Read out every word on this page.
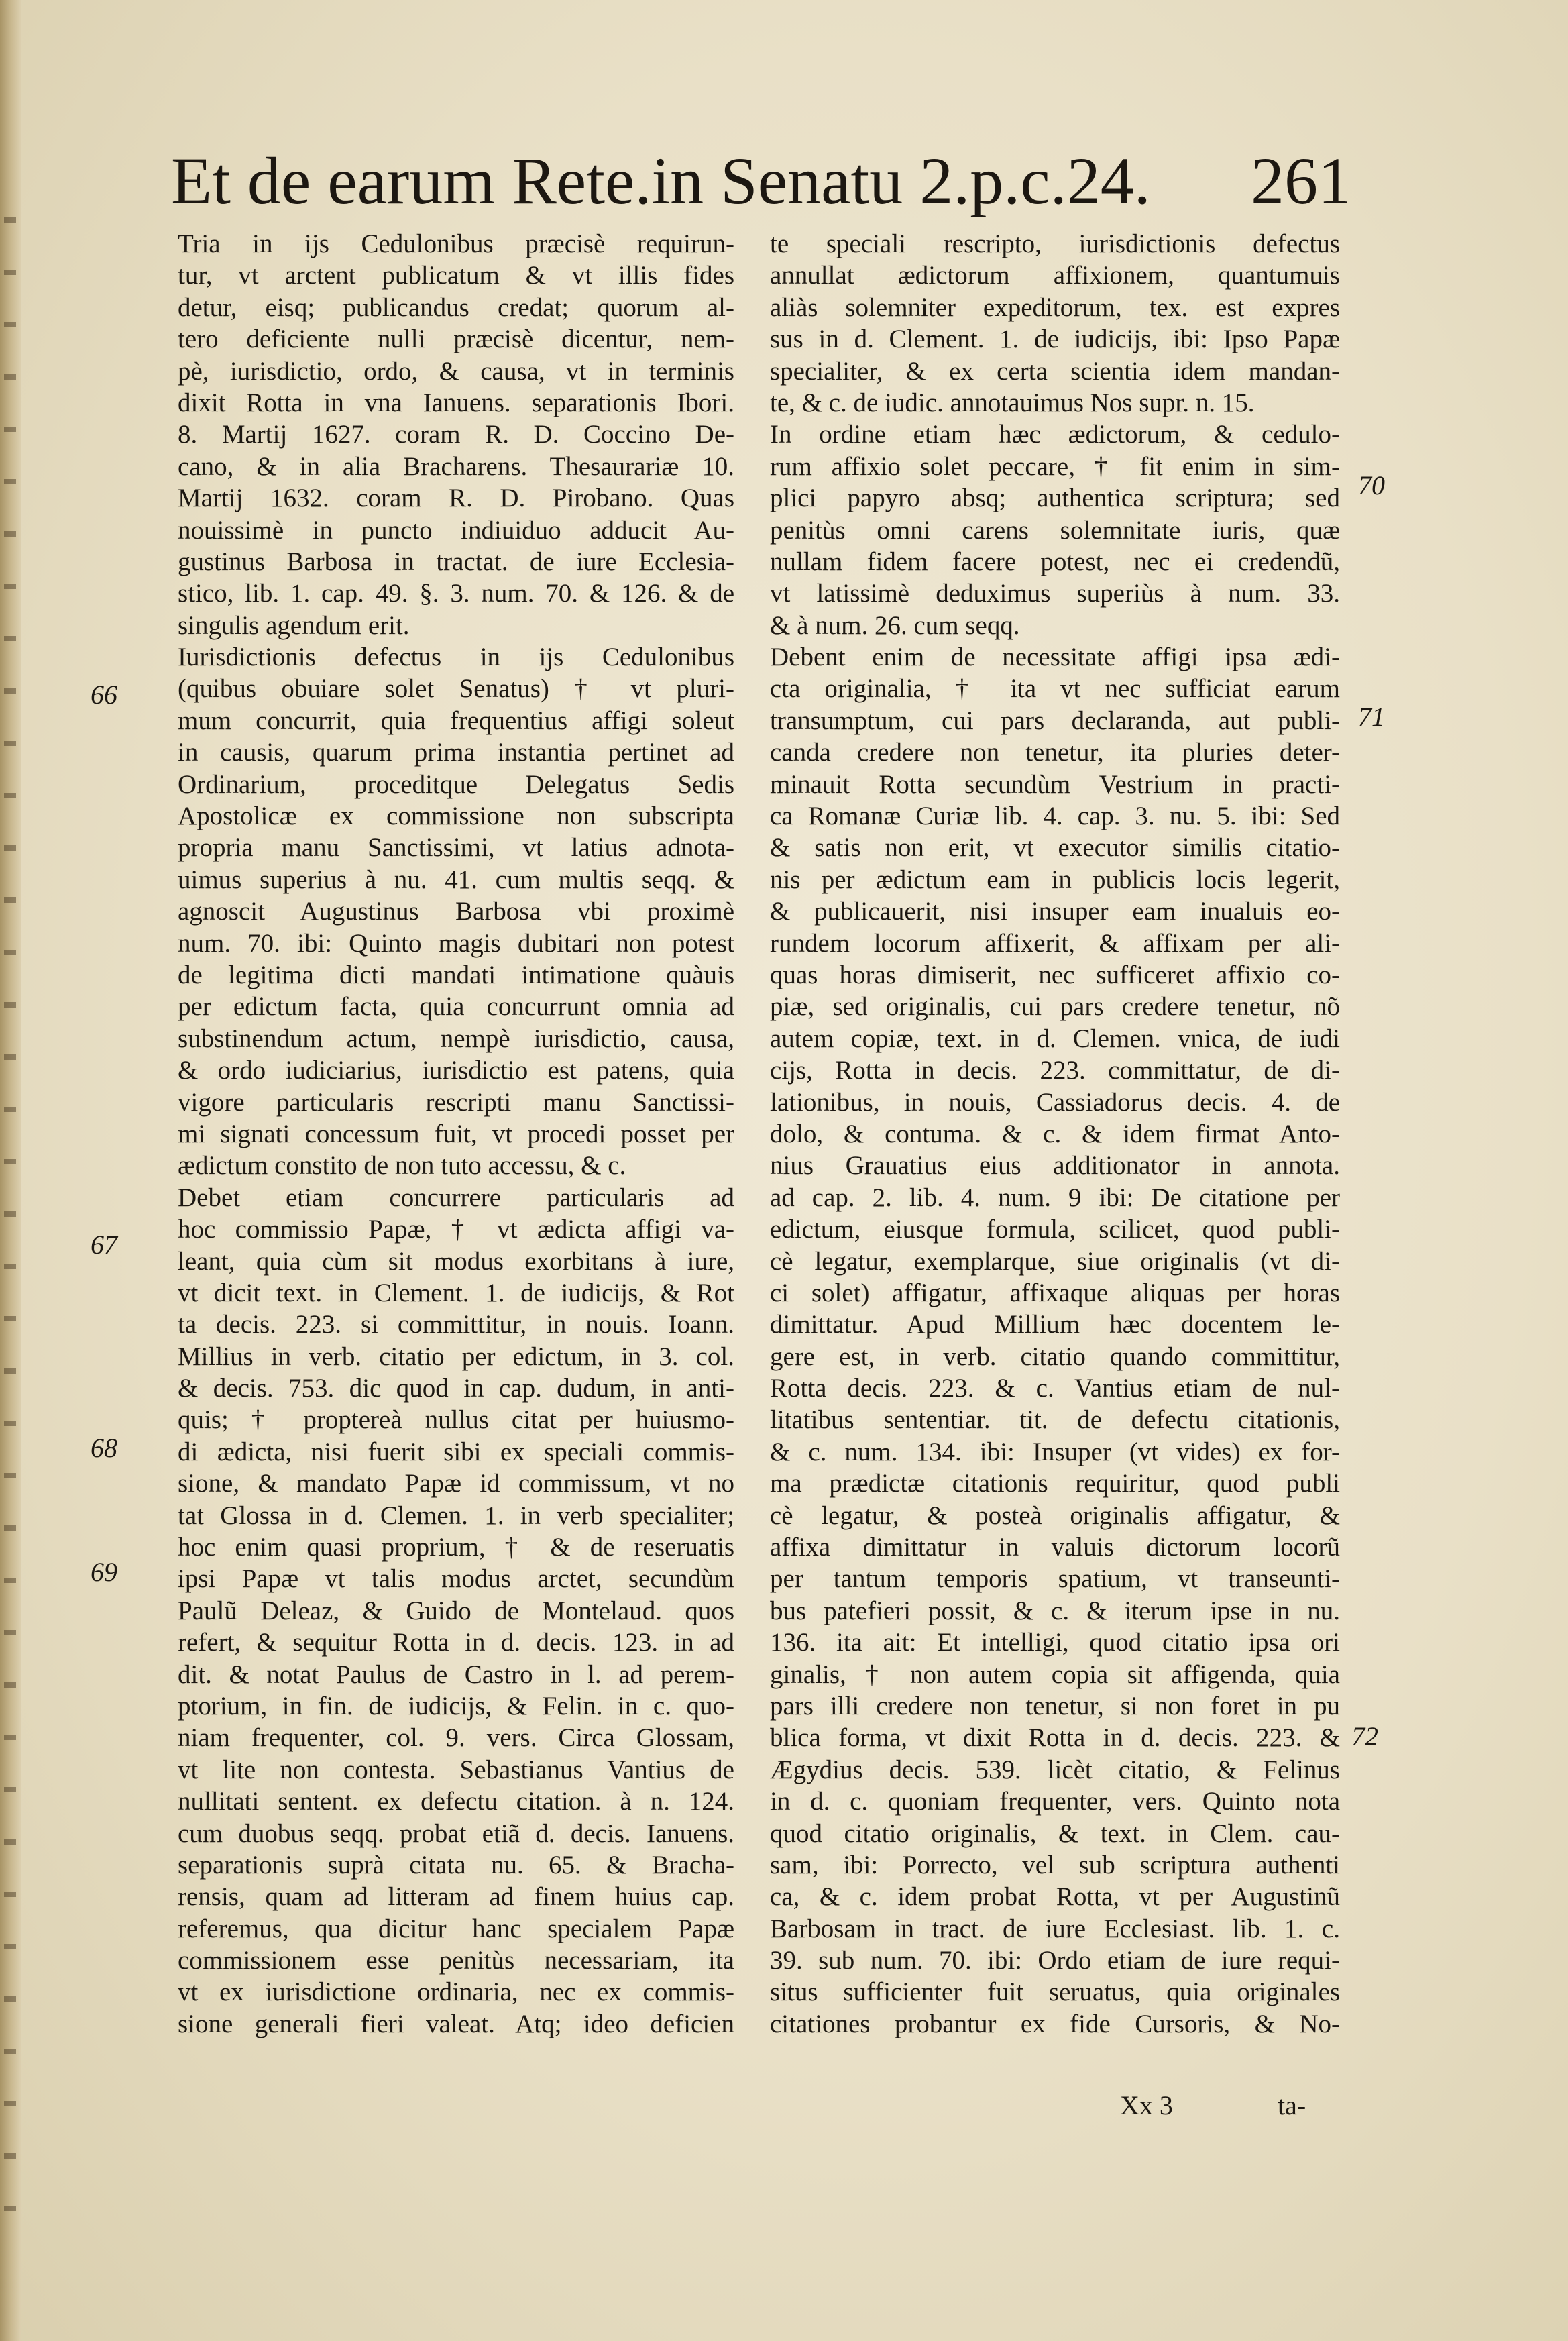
Et de earum Rete.in Senatu 2.p.c.24. 261
Tria in ijs Cedulonibus præcisè requirun-
tur, vt arctent publicatum & vt illis fides
detur, eisq; publicandus credat; quorum al-
tero deficiente nulli præcisè dicentur, nem-
pè, iurisdictio, ordo, & causa, vt in terminis
dixit Rotta in vna Ianuens. separationis Ibori.
8. Martij 1627. coram R. D. Coccino De-
cano, & in alia Bracharens. Thesaurariæ 10.
Martij 1632. coram R. D. Pirobano. Quas
nouissimè in puncto indiuiduo adducit Au-
gustinus Barbosa in tractat. de iure Ecclesia-
stico, lib. 1. cap. 49. §. 3. num. 70. & 126. & de
singulis agendum erit.
Iurisdictionis defectus in ijs Cedulonibus
(quibus obuiare solet Senatus) † vt pluri-
mum concurrit, quia frequentius affigi soleut
in causis, quarum prima instantia pertinet ad
Ordinarium, proceditque Delegatus Sedis
Apostolicæ ex commissione non subscripta
propria manu Sanctissimi, vt latius adnota-
uimus superius à nu. 41. cum multis seqq. &
agnoscit Augustinus Barbosa vbi proximè
num. 70. ibi: Quinto magis dubitari non potest
de legitima dicti mandati intimatione quàuis
per edictum facta, quia concurrunt omnia ad
substinendum actum, nempè iurisdictio, causa,
& ordo iudiciarius, iurisdictio est patens, quia
vigore particularis rescripti manu Sanctissi-
mi signati concessum fuit, vt procedi posset per
ædictum constito de non tuto accessu, & c.
Debet etiam concurrere particularis ad
hoc commissio Papæ, † vt ædicta affigi va-
leant, quia cùm sit modus exorbitans à iure,
vt dicit text. in Clement. 1. de iudicijs, & Rot
ta decis. 223. si committitur, in nouis. Ioann.
Millius in verb. citatio per edictum, in 3. col.
& decis. 753. dic quod in cap. dudum, in anti-
quis; † proptereà nullus citat per huiusmo-
di ædicta, nisi fuerit sibi ex speciali commis-
sione, & mandato Papæ id commissum, vt no
tat Glossa in d. Clemen. 1. in verb specialiter;
hoc enim quasi proprium, † & de reseruatis
ipsi Papæ vt talis modus arctet, secundùm
Paulũ Deleaz, & Guido de Montelaud. quos
refert, & sequitur Rotta in d. decis. 123. in ad
dit. & notat Paulus de Castro in l. ad perem-
ptorium, in fin. de iudicijs, & Felin. in c. quo-
niam frequenter, col. 9. vers. Circa Glossam,
vt lite non contesta. Sebastianus Vantius de
nullitati sentent. ex defectu citation. à n. 124.
cum duobus seqq. probat etiã d. decis. Ianuens.
separationis suprà citata nu. 65. & Bracha-
rensis, quam ad litteram ad finem huius cap.
referemus, qua dicitur hanc specialem Papæ
commissionem esse penitùs necessariam, ita
vt ex iurisdictione ordinaria, nec ex commis-
sione generali fieri valeat. Atq; ideo deficien
te speciali rescripto, iurisdictionis defectus
annullat ædictorum affixionem, quantumuis
aliàs solemniter expeditorum, tex. est expres
sus in d. Clement. 1. de iudicijs, ibi: Ipso Papæ
specialiter, & ex certa scientia idem mandan-
te, & c. de iudic. annotauimus Nos supr. n. 15.
In ordine etiam hæc ædictorum, & cedulo-
rum affixio solet peccare, † fit enim in sim-
plici papyro absq; authentica scriptura; sed
penitùs omni carens solemnitate iuris, quæ
nullam fidem facere potest, nec ei credendũ,
vt latissimè deduximus superiùs à num. 33.
& à num. 26. cum seqq.
Debent enim de necessitate affigi ipsa ædi-
cta originalia, † ita vt nec sufficiat earum
transumptum, cui pars declaranda, aut publi-
canda credere non tenetur, ita pluries deter-
minauit Rotta secundùm Vestrium in practi-
ca Romanæ Curiæ lib. 4. cap. 3. nu. 5. ibi: Sed
& satis non erit, vt executor similis citatio-
nis per ædictum eam in publicis locis legerit,
& publicauerit, nisi insuper eam inualuis eo-
rundem locorum affixerit, & affixam per ali-
quas horas dimiserit, nec sufficeret affixio co-
piæ, sed originalis, cui pars credere tenetur, nõ
autem copiæ, text. in d. Clemen. vnica, de iudi
cijs, Rotta in decis. 223. committatur, de di-
lationibus, in nouis, Cassiadorus decis. 4. de
dolo, & contuma. & c. & idem firmat Anto-
nius Grauatius eius additionator in annota.
ad cap. 2. lib. 4. num. 9 ibi: De citatione per
edictum, eiusque formula, scilicet, quod publi-
cè legatur, exemplarque, siue originalis (vt di-
ci solet) affigatur, affixaque aliquas per horas
dimittatur. Apud Millium hæc docentem le-
gere est, in verb. citatio quando committitur,
Rotta decis. 223. & c. Vantius etiam de nul-
litatibus sententiar. tit. de defectu citationis,
& c. num. 134. ibi: Insuper (vt vides) ex for-
ma prædictæ citationis requiritur, quod publi
cè legatur, & posteà originalis affigatur, &
affixa dimittatur in valuis dictorum locorũ
per tantum temporis spatium, vt transeunti-
bus patefieri possit, & c. & iterum ipse in nu.
136. ita ait: Et intelligi, quod citatio ipsa ori
ginalis, † non autem copia sit affigenda, quia
pars illi credere non tenetur, si non foret in pu
blica forma, vt dixit Rotta in d. decis. 223. &
Ægydius decis. 539. licèt citatio, & Felinus
in d. c. quoniam frequenter, vers. Quinto nota
quod citatio originalis, & text. in Clem. cau-
sam, ibi: Porrecto, vel sub scriptura authenti
ca, & c. idem probat Rotta, vt per Augustinũ
Barbosam in tract. de iure Ecclesiast. lib. 1. c.
39. sub num. 70. ibi: Ordo etiam de iure requi-
situs sufficienter fuit seruatus, quia originales
citationes probantur ex fide Cursoris, & No-
66
67
68
69
70
71
72
Xx 3	ta-
